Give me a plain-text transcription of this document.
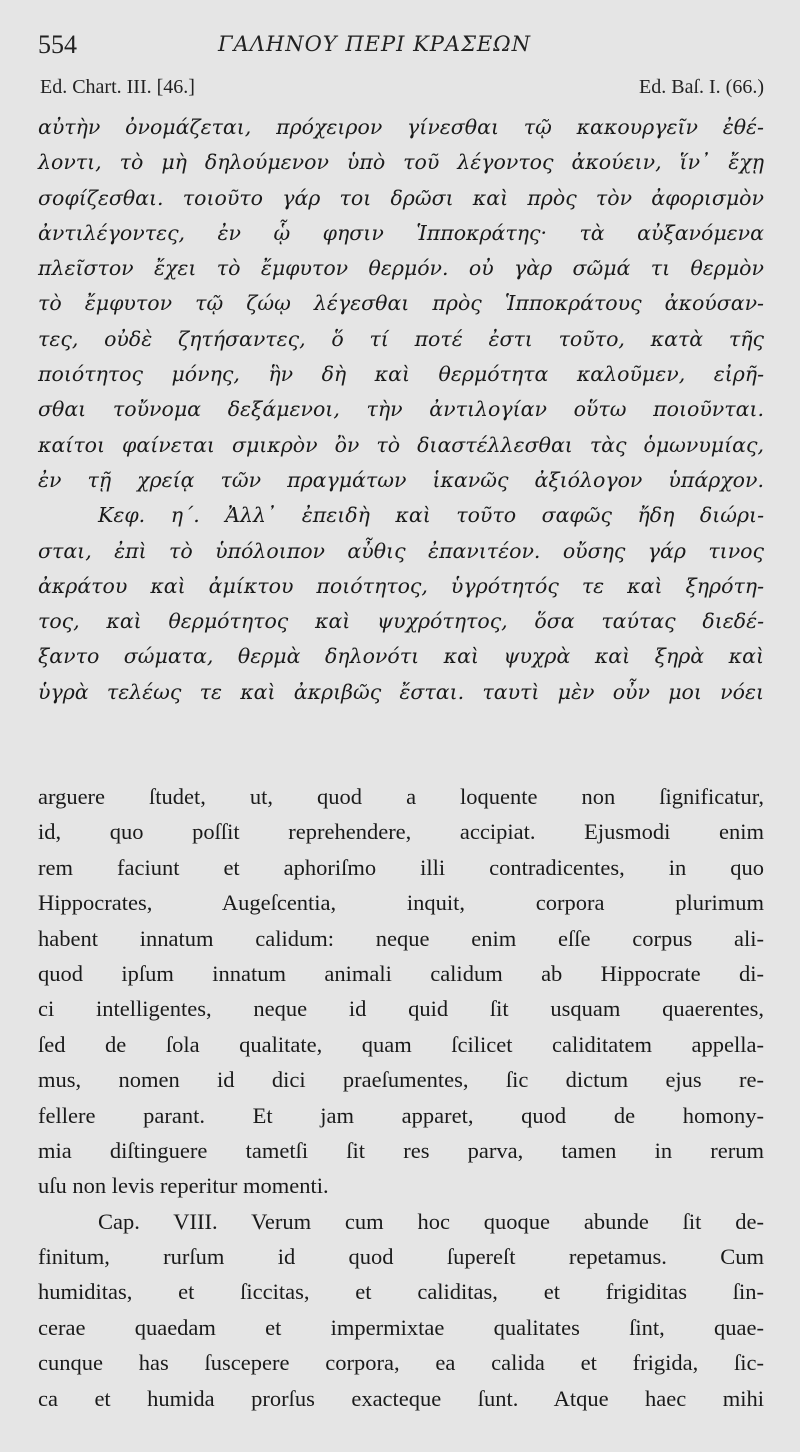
554	ΓΑΛΗΝΟΥ ΠΕΡΙ ΚΡΑΣΕΩΝ
Ed. Chart. III. [46.]	Ed. Baſ. I. (66.)
αὐτὴν ὀνομάζεται, πρόχειρον γίνεσθαι τῷ κακουργεῖν ἐθέ-
λοντι, τὸ μὴ δηλούμενον ὑπὸ τοῦ λέγοντος ἀκούειν, ἵν᾿ ἔχῃ
σοφίζεσθαι. τοιοῦτο γάρ τοι δρῶσι καὶ πρὸς τὸν ἀφορισμὸν
ἀντιλέγοντες, ἐν ᾧ φησιν Ἱπποκράτης· τὰ αὐξανόμενα
πλεῖστον ἔχει τὸ ἔμφυτον θερμόν. οὐ γὰρ σῶμά τι θερμὸν
τὸ ἔμφυτον τῷ ζώῳ λέγεσθαι πρὸς Ἱπποκράτους ἀκούσαν-
τες, οὐδὲ ζητήσαντες, ὅ τί ποτέ ἐστι τοῦτο, κατὰ τῆς
ποιότητος μόνης, ἣν δὴ καὶ θερμότητα καλοῦμεν, εἰρῆ-
σθαι τοὔνομα δεξάμενοι, τὴν ἀντιλογίαν οὕτω ποιοῦνται.
καίτοι φαίνεται σμικρὸν ὂν τὸ διαστέλλεσθαι τὰς ὁμωνυμίας,
ἐν τῇ χρείᾳ τῶν πραγμάτων ἱκανῶς ἀξιόλογον ὑπάρχον.
Κεφ. η΄. Ἀλλ᾿ ἐπειδὴ καὶ τοῦτο σαφῶς ἤδη διώρι-
σται, ἐπὶ τὸ ὑπόλοιπον αὖθις ἐπανιτέον. οὔσης γάρ τινος
ἀκράτου καὶ ἀμίκτου ποιότητος, ὑγρότητός τε καὶ ξηρότη-
τος, καὶ θερμότητος καὶ ψυχρότητος, ὅσα ταύτας διεδέ-
ξαντο σώματα, θερμὰ δηλονότι καὶ ψυχρὰ καὶ ξηρὰ καὶ
ὑγρὰ τελέως τε καὶ ἀκριβῶς ἔσται. ταυτὶ μὲν οὖν μοι νόει
arguere ſtudet, ut, quod a loquente non ſignificatur,
id, quo poſſit reprehendere, accipiat. Ejusmodi enim
rem faciunt et aphoriſmo illi contradicentes, in quo
Hippocrates, Augeſcentia, inquit, corpora plurimum
habent innatum calidum: neque enim eſſe corpus ali-
quod ipſum innatum animali calidum ab Hippocrate di-
ci intelligentes, neque id quid ſit usquam quaerentes,
ſed de ſola qualitate, quam ſcilicet caliditatem appella-
mus, nomen id dici praeſumentes, ſic dictum ejus re-
fellere parant. Et jam apparet, quod de homony-
mia diſtinguere tametſi ſit res parva, tamen in rerum
uſu non levis reperitur momenti.
Cap. VIII. Verum cum hoc quoque abunde ſit de-
finitum, rurſum id quod ſupereſt repetamus. Cum
humiditas, et ſiccitas, et caliditas, et frigiditas ſin-
cerae quaedam et impermixtae qualitates ſint, quae-
cunque has ſuscepere corpora, ea calida et frigida, ſic-
ca et humida prorſus exacteque ſunt. Atque haec mihi
